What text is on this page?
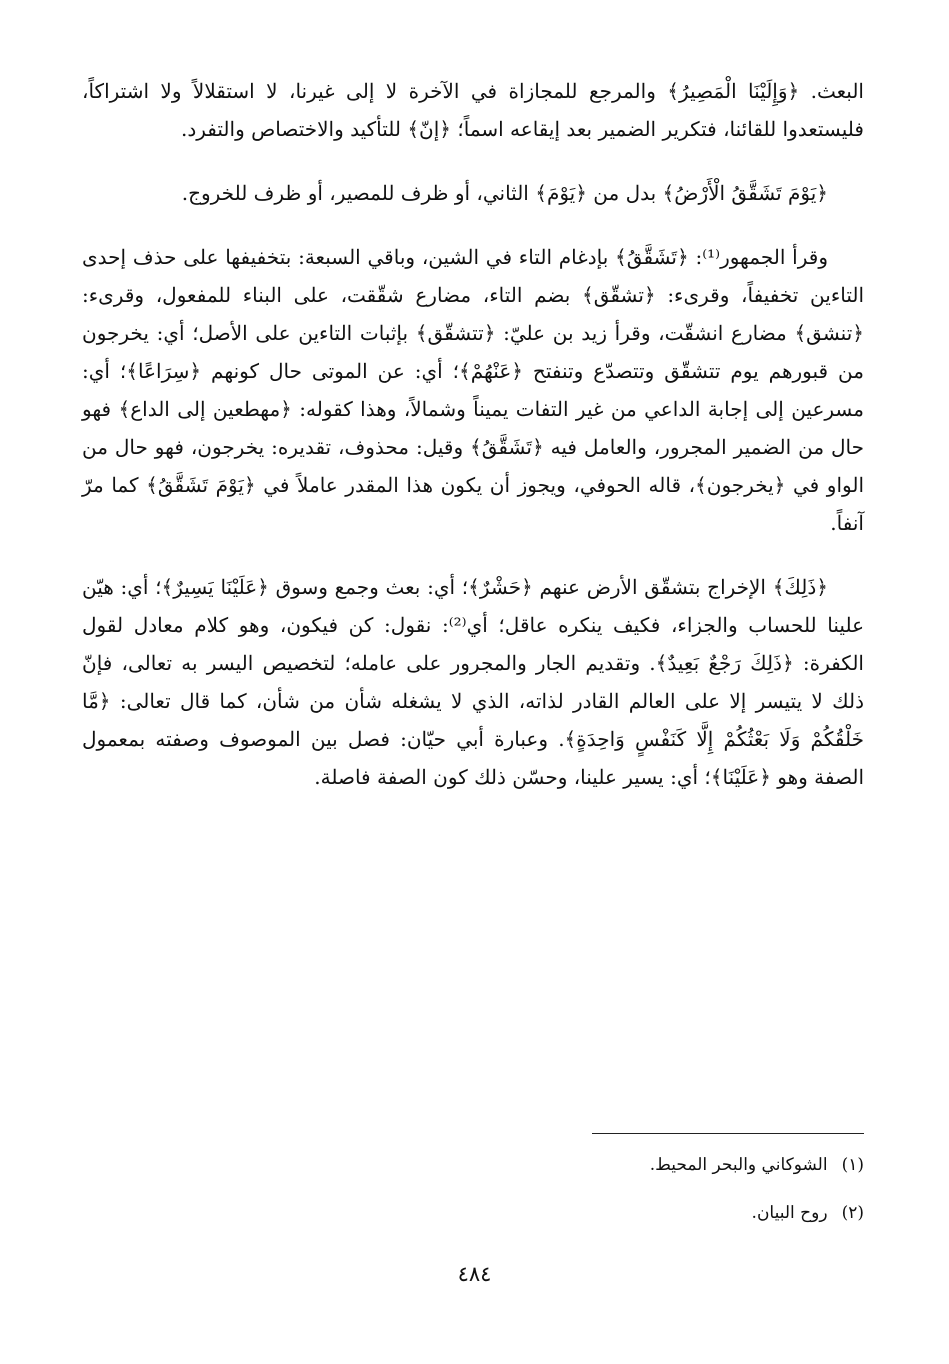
البعث. ﴿وَإِلَيْنَا الْمَصِيرُ﴾ والمرجع للمجازاة في الآخرة لا إلى غيرنا، لا استقلالاً ولا اشتراكاً، فليستعدوا للقائنا، فتكرير الضمير بعد إيقاعه اسماً؛ ﴿إنّ﴾ للتأكيد والاختصاص والتفرد.

﴿يَوْمَ تَشَقَّقُ الْأَرْضُ﴾ بدل من ﴿يَوْمَ﴾ الثاني، أو ظرف للمصير، أو ظرف للخروج.

وقرأ الجمهور⁽¹⁾: ﴿تَشَقَّقُ﴾ بإدغام التاء في الشين، وباقي السبعة: بتخفيفها على حذف إحدى التاءين تخفيفاً، وقرىء: ﴿تشقّق﴾ بضم التاء، مضارع شقّقت، على البناء للمفعول، وقرىء: ﴿تنشق﴾ مضارع انشقّت، وقرأ زيد بن عليّ: ﴿تتشقّق﴾ بإثبات التاءين على الأصل؛ أي: يخرجون من قبورهم يوم تتشقّق وتتصدّع وتنفتح ﴿عَنْهُمْ﴾؛ أي: عن الموتى حال كونهم ﴿سِرَاعًا﴾؛ أي: مسرعين إلى إجابة الداعي من غير التفات يميناً وشمالاً، وهذا كقوله: ﴿مهطعين إلى الداع﴾ فهو حال من الضمير المجرور، والعامل فيه ﴿تَشَقَّقُ﴾ وقيل: محذوف، تقديره: يخرجون، فهو حال من الواو في ﴿يخرجون﴾، قاله الحوفي، ويجوز أن يكون هذا المقدر عاملاً في ﴿يَوْمَ تَشَقَّقُ﴾ كما مرّ آنفاً.

﴿ذَلِكَ﴾ الإخراج بتشقّق الأرض عنهم ﴿حَشْرٌ﴾؛ أي: بعث وجمع وسوق ﴿عَلَيْنَا يَسِيرٌ﴾؛ أي: هيّن علينا للحساب والجزاء، فكيف ينكره عاقل؛ أي⁽²⁾: نقول: كن فيكون، وهو كلام معادل لقول الكفرة: ﴿ذَلِكَ رَجْعٌ بَعِيدٌ﴾. وتقديم الجار والمجرور على عامله؛ لتخصيص اليسر به تعالى، فإنّ ذلك لا يتيسر إلا على العالم القادر لذاته، الذي لا يشغله شأن من شأن، كما قال تعالى: ﴿مَّا خَلْقُكُمْ وَلَا بَعْثُكُمْ إِلَّا كَنَفْسٍ وَاحِدَةٍ﴾. وعبارة أبي حيّان: فصل بين الموصوف وصفته بمعمول الصفة وهو ﴿عَلَيْنَا﴾؛ أي: يسير علينا، وحسّن ذلك كون الصفة فاصلة.

(١)الشوكاني والبحر المحيط.
(٢)روح البيان.
٤٨٤
